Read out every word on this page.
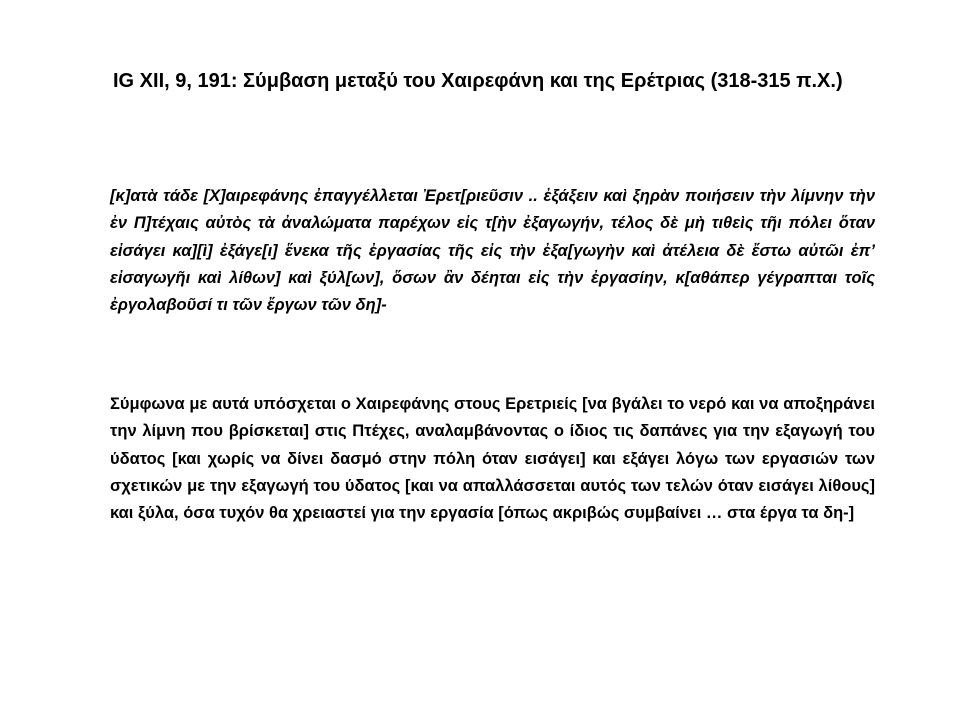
IG XII, 9, 191: Σύμβαση μεταξύ του Χαιρεφάνη και της Ερέτριας (318-315 π.Χ.)

[κ]ατὰ τάδε [Χ]αιρεφάνης ἐπαγγέλλεται Ἐρετ[ριεῦσιν .. ἐξάξειν καὶ ξηρὰν ποιήσειν τὴν λίμνην τὴν ἐν Π]τέχαις αὐτὸς τὰ ἀναλώματα παρέχων εἰς τ[ὴν ἐξαγωγήν, τέλος δὲ μὴ τιθεὶς τῆι πόλει ὅταν εἰσάγει κα][ὶ] ἐξάγε[ι] ἕνεκα τῆς ἐργασίας τῆς εἰς τὴν ἐξα[γωγὴν καὶ ἀτέλεια δὲ ἔστω αὐτῶι ἐπ’ εἰσαγωγῆι καὶ λίθων] καὶ ξύλ[ων], ὅσων ἂν δέηται εἰς τὴν ἐργασίην, κ[αθάπερ γέγραπται τοῖς ἐργολαβοῦσί τι τῶν ἔργων τῶν δη]-

Σύμφωνα με αυτά υπόσχεται ο Χαιρεφάνης στους Ερετριείς [να βγάλει το νερό και να αποξηράνει την λίμνη που βρίσκεται] στις Πτέχες, αναλαμβάνοντας ο ίδιος τις δαπάνες για την εξαγωγή του ύδατος [και χωρίς να δίνει δασμό στην πόλη όταν εισάγει] και εξάγει λόγω των εργασιών των σχετικών με την εξαγωγή του ύδατος [και να απαλλάσσεται αυτός των τελών όταν εισάγει λίθους] και ξύλα, όσα τυχόν θα χρειαστεί για την εργασία [όπως ακριβώς συμβαίνει … στα έργα τα δη-]
